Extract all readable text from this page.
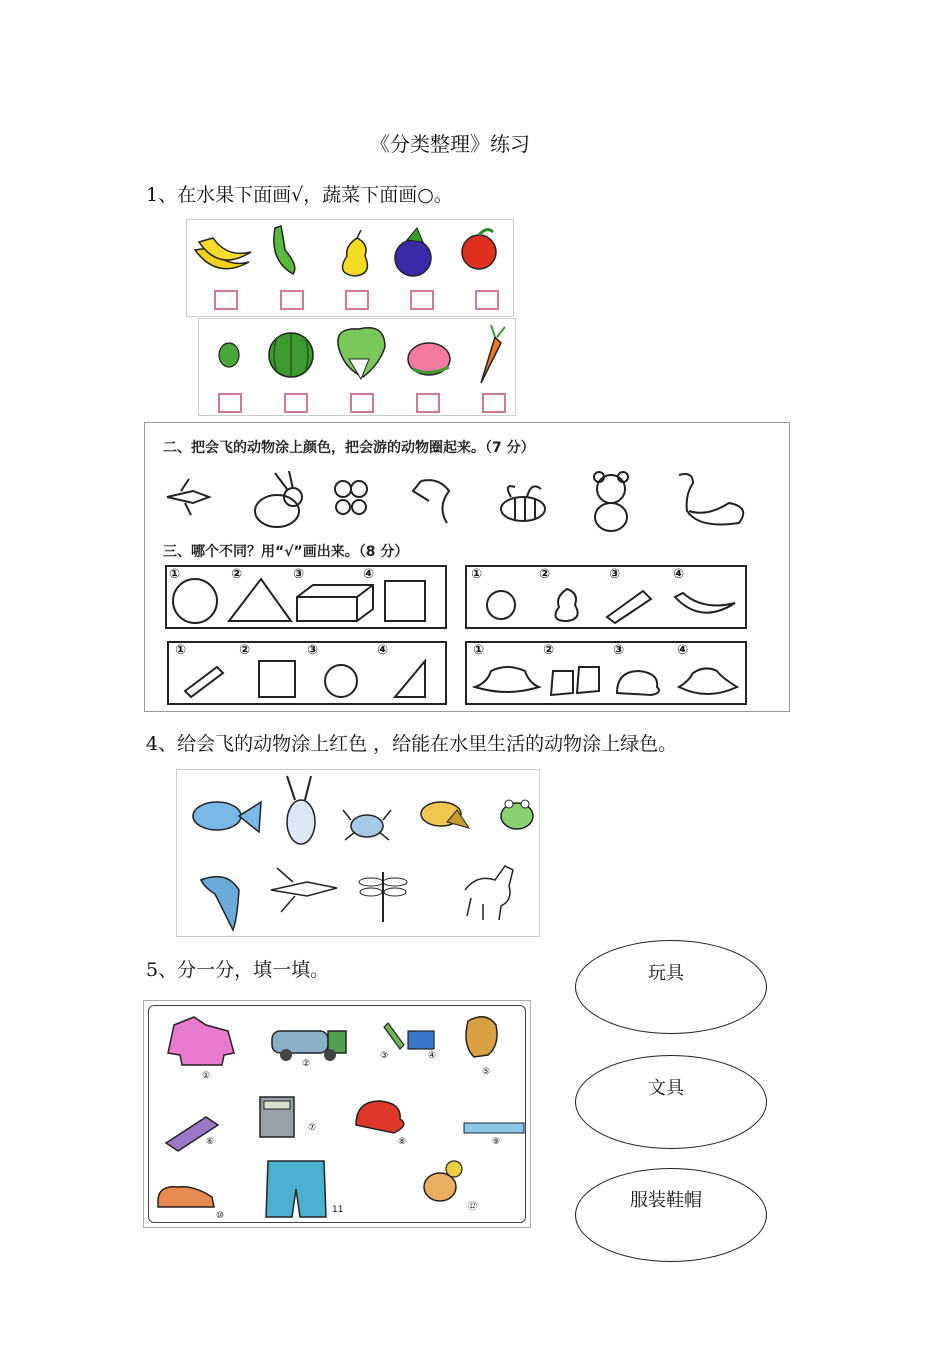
《分类整理》练习
1、在水果下面画√，蔬菜下面画○。
二、把会飞的动物涂上颜色，把会游的动物圈起来。（7 分）
三、哪个不同？用“√”画出来。（8 分）
①	②	③	④	①	②	③	④
①	②	③	④	①	②	③	④
4、给会飞的动物涂上红色 ，给能在水里生活的动物涂上绿色。
5、分一分，填一填。
①
②
③	④
⑤
⑥
⑦
⑧	⑨
⑩
11	⑫
玩具
文具
服装鞋帽
